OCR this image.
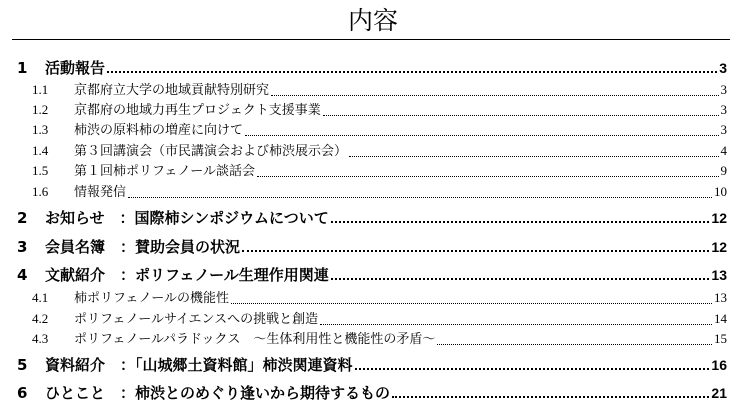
内容
1	活動報告	3
1.1	京都府立大学の地域貢献特別研究	3
1.2	京都府の地域力再生プロジェクト支援事業	3
1.3	柿渋の原料柿の増産に向けて	3
1.4	第３回講演会（市民講演会および柿渋展示会）	4
1.5	第１回柿ポリフェノール談話会	9
1.6	情報発信	10
2	お知らせ　：国際柿シンポジウムについて	12
3	会員名簿　：賛助会員の状況	12
4	文献紹介　：ポリフェノール生理作用関連	13
4.1	柿ポリフェノールの機能性	13
4.2	ポリフェノールサイエンスへの挑戦と創造	14
4.3	ポリフェノールパラドックス　～生体利用性と機能性の矛盾～	15
5	資料紹介　：「山城郷土資料館」柿渋関連資料	16
6	ひとこと　：柿渋とのめぐり逢いから期待するもの	21
